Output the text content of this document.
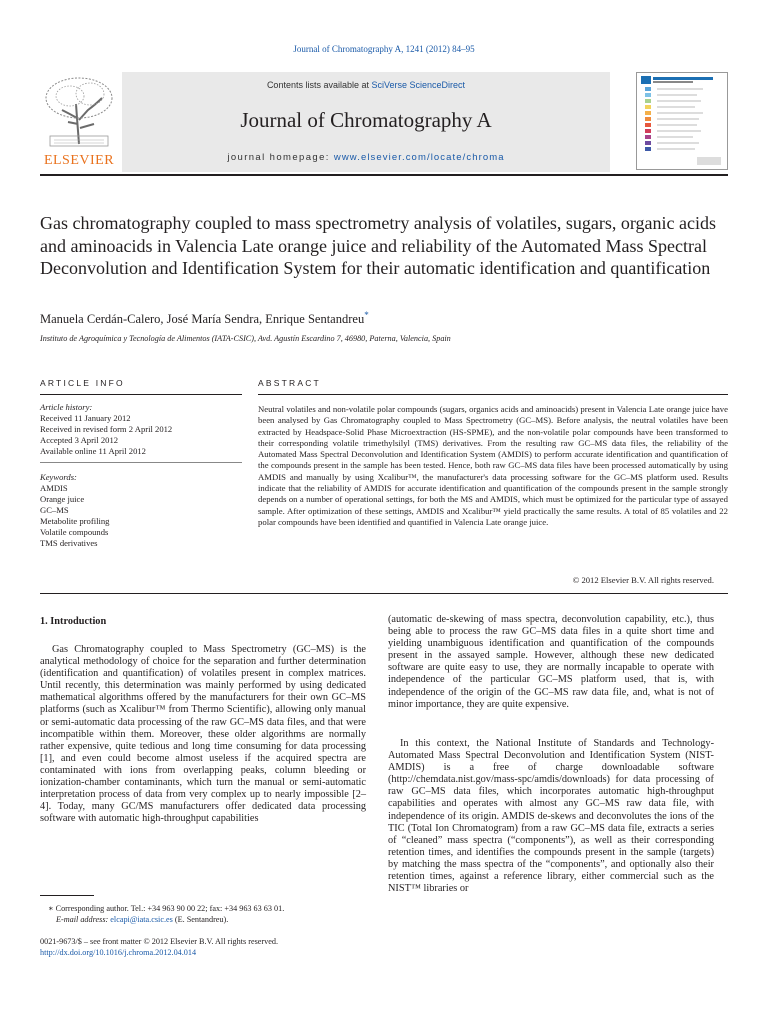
Journal of Chromatography A, 1241 (2012) 84–95
ELSEVIER
Contents lists available at SciVerse ScienceDirect
Journal of Chromatography A
journal homepage: www.elsevier.com/locate/chroma
Gas chromatography coupled to mass spectrometry analysis of volatiles, sugars, organic acids and aminoacids in Valencia Late orange juice and reliability of the Automated Mass Spectral Deconvolution and Identification System for their automatic identification and quantification
Manuela Cerdán-Calero, José María Sendra, Enrique Sentandreu*
Instituto de Agroquímica y Tecnología de Alimentos (IATA-CSIC), Avd. Agustín Escardino 7, 46980, Paterna, Valencia, Spain
ARTICLE INFO
Article history:
Received 11 January 2012
Received in revised form 2 April 2012
Accepted 3 April 2012
Available online 11 April 2012
Keywords:
AMDIS
Orange juice
GC–MS
Metabolite profiling
Volatile compounds
TMS derivatives
ABSTRACT
Neutral volatiles and non-volatile polar compounds (sugars, organics acids and aminoacids) present in Valencia Late orange juice have been analysed by Gas Chromatography coupled to Mass Spectrometry (GC–MS). Before analysis, the neutral volatiles have been extracted by Headspace-Solid Phase Microextraction (HS-SPME), and the non-volatile polar compounds have been transformed to their corresponding volatile trimethylsilyl (TMS) derivatives. From the resulting raw GC–MS data files, the reliability of the Automated Mass Spectral Deconvolution and Identification System (AMDIS) to perform accurate identification and quantification of the compounds present in the sample has been tested. Hence, both raw GC–MS data files have been processed automatically by using AMDIS and manually by using Xcalibur™, the manufacturer's data processing software for the GC–MS platform used. Results indicate that the reliability of AMDIS for accurate identification and quantification of the compounds present in the sample strongly depends on a number of operational settings, for both the MS and AMDIS, which must be optimized for the particular type of assayed sample. After optimization of these settings, AMDIS and Xcalibur™ yield practically the same results. A total of 85 volatiles and 22 polar compounds have been identified and quantified in Valencia Late orange juice.
© 2012 Elsevier B.V. All rights reserved.
1. Introduction
Gas Chromatography coupled to Mass Spectrometry (GC–MS) is the analytical methodology of choice for the separation and further determination (identification and quantification) of volatiles present in complex matrices. Until recently, this determination was mainly performed by using dedicated mathematical algorithms offered by the manufacturers for their own GC–MS platforms (such as Xcalibur™ from Thermo Scientific), allowing only manual or semi-automatic data processing of the raw GC–MS data files, and that were incompatible within them. Moreover, these older algorithms are normally rather expensive, quite tedious and long time consuming for data processing [1], and even could become almost useless if the acquired spectra are contaminated with ions from overlapping peaks, column bleeding or ionization-chamber contaminants, which turn the manual or semi-automatic interpretation process of data from very complex up to nearly impossible [2–4]. Today, many GC/MS manufacturers offer dedicated data processing software with automatic high-throughput capabilities
(automatic de-skewing of mass spectra, deconvolution capability, etc.), thus being able to process the raw GC–MS data files in a quite short time and yielding unambiguous identification and quantification of the compounds present in the assayed sample. However, although these new dedicated software are quite easy to use, they are normally incapable to operate with independence of the particular GC–MS platform used, that is, with independence of the origin of the GC–MS raw data file, and, what is not of minor importance, they are quite expensive.
In this context, the National Institute of Standards and Technology-Automated Mass Spectral Deconvolution and Identification System (NIST-AMDIS) is a free of charge downloadable software (http://chemdata.nist.gov/mass-spc/amdis/downloads) for data processing of raw GC–MS data files, which incorporates automatic high-throughput capabilities and operates with almost any GC–MS raw data file, with independence of its origin. AMDIS de-skews and deconvolutes the ions of the TIC (Total Ion Chromatogram) from a raw GC–MS data file, extracts a series of “cleaned” mass spectra (“components”), as well as their corresponding retention times, and identifies the compounds present in the sample (targets) by matching the mass spectra of the “components”, and optionally also their retention times, against a reference library, either commercial such as the NIST™ libraries or
∗ Corresponding author. Tel.: +34 963 90 00 22; fax: +34 963 63 63 01.
E-mail address: elcapi@iata.csic.es (E. Sentandreu).
0021-9673/$ – see front matter © 2012 Elsevier B.V. All rights reserved.
http://dx.doi.org/10.1016/j.chroma.2012.04.014
